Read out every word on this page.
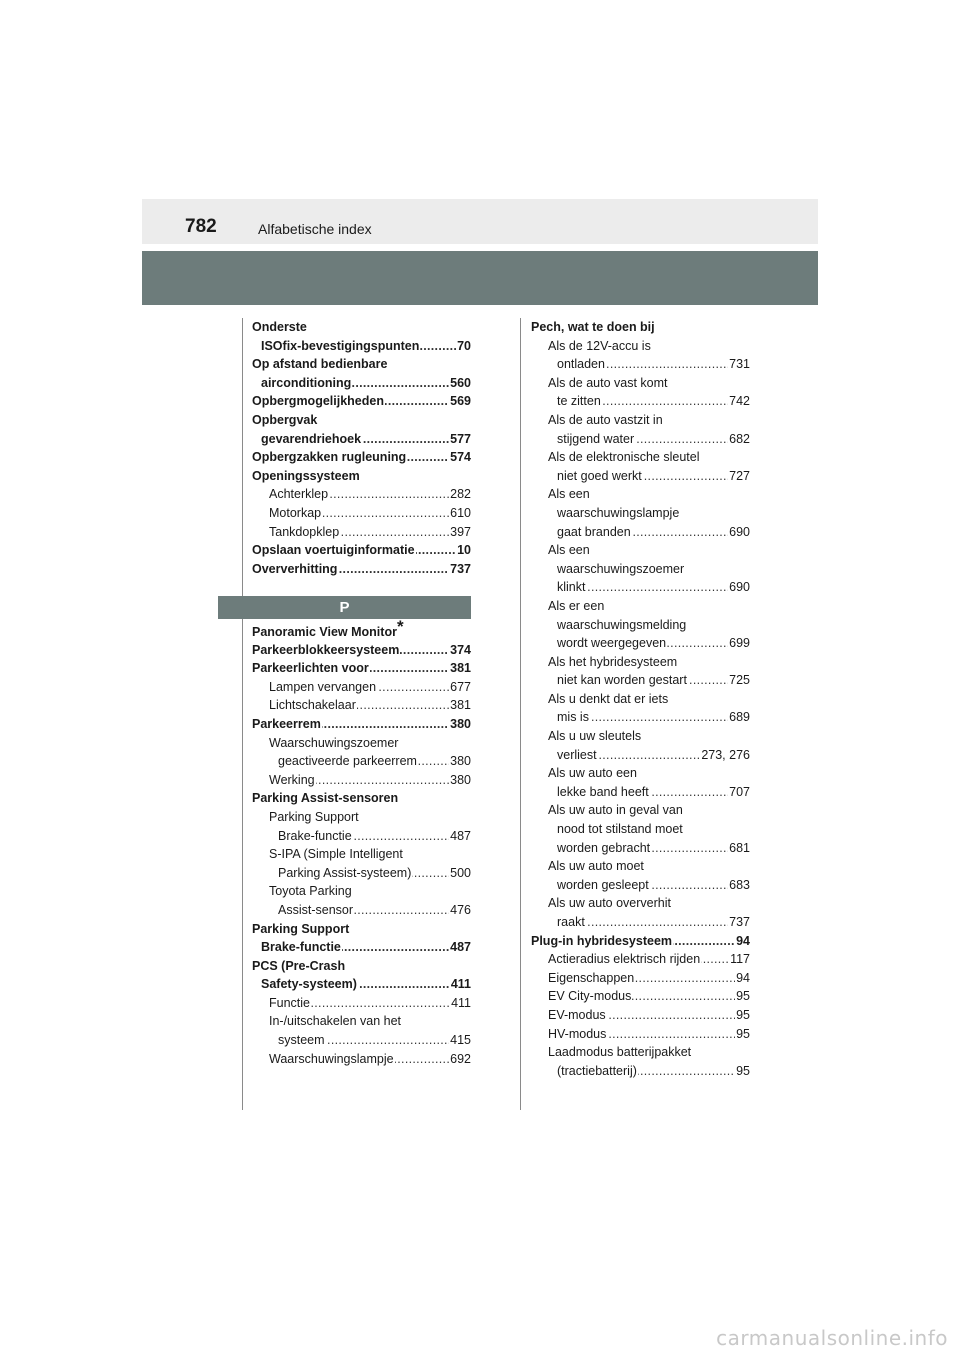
782	Alfabetische index
Onderste
.....
ISOfix-bevestigingspunten	70
Op afstand bedienbare
.....
airconditioning	560
.....
Opbergmogelijkheden	569
Opbergvak
.....
gevarendriehoek	577
.....
Opbergzakken rugleuning	574
Openingssysteem
.....
Achterklep	282
.....
Motorkap	610
.....
Tankdopklep	397
.....
Opslaan voertuiginformatie	10
.....
Oververhitting	737
P
Panoramic View Monitor*
.....
Parkeerblokkeersysteem	374
.....
Parkeerlichten voor	381
.....
Lampen vervangen	677
.....
Lichtschakelaar	381
.....
Parkeerrem	380
Waarschuwingszoemer
.....
geactiveerde parkeerrem	380
.....
Werking	380
Parking Assist-sensoren
Parking Support
.....
Brake-functie	487
S-IPA (Simple Intelligent
.....
Parking Assist-systeem)	500
Toyota Parking
.....
Assist-sensor	476
Parking Support
.....
Brake-functie	487
PCS (Pre-Crash
.....
Safety-systeem)	411
.....
Functie	411
In-/uitschakelen van het
.....
systeem	415
.....
Waarschuwingslampje	692
Pech, wat te doen bij
Als de 12V-accu is
.....
ontladen	731
Als de auto vast komt
.....
te zitten	742
Als de auto vastzit in
.....
stijgend water	682
Als de elektronische sleutel
.....
niet goed werkt	727
Als een
waarschuwingslampje
.....
gaat branden	690
Als een
waarschuwingszoemer
.....
klinkt	690
Als er een
waarschuwingsmelding
.....
wordt weergegeven	699
Als het hybridesysteem
.....
niet kan worden gestart	725
Als u denkt dat er iets
.....
mis is	689
Als u uw sleutels
.....
verliest	273, 276
Als uw auto een
.....
lekke band heeft	707
Als uw auto in geval van
nood tot stilstand moet
.....
worden gebracht	681
Als uw auto moet
.....
worden gesleept	683
Als uw auto oververhit
.....
raakt	737
.....
Plug-in hybridesysteem	94
.....
Actieradius elektrisch rijden 117
.....
Eigenschappen	94
.....
EV City-modus	95
.....
EV-modus	95
.....
HV-modus	95
Laadmodus batterijpakket
.....
(tractiebatterij)	95
carmanualsonline.info
